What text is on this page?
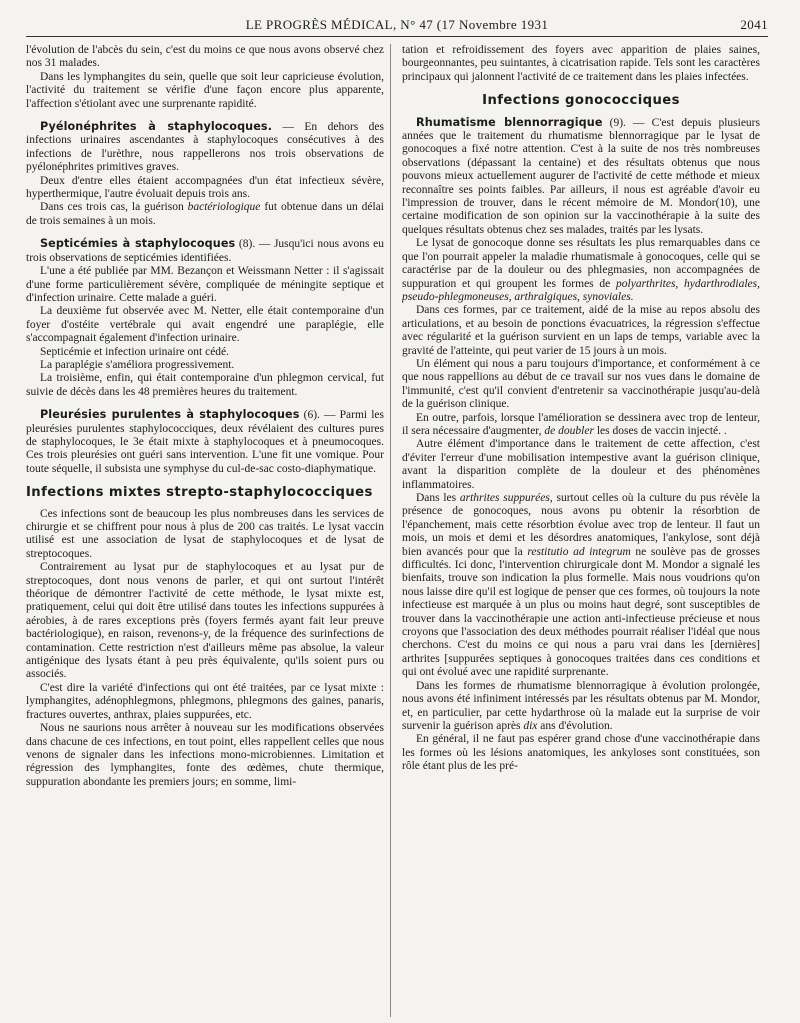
LE PROGRÈS MÉDICAL, N° 47 (17 Novembre 1931	2041

l'évolution de l'abcès du sein, c'est du moins ce que nous avons observé chez nos 31 malades.

Dans les lymphangites du sein, quelle que soit leur capricieuse évolution, l'activité du traitement se vérifie d'une façon encore plus apparente, l'affection s'étiolant avec une surprenante rapidité.

Pyélonéphrites à staphylocoques. — En dehors des infections urinaires ascendantes à staphylocoques consécutives à des infections de l'urèthre, nous rappellerons nos trois observations de pyélonéphrites primitives graves.

Deux d'entre elles étaient accompagnées d'un état infectieux sévère, hyperthermique, l'autre évoluait depuis trois ans.

Dans ces trois cas, la guérison bactériologique fut obtenue dans un délai de trois semaines à un mois.

Septicémies à staphylocoques (8). — Jusqu'ici nous avons eu trois observations de septicémies identifiées.

L'une a été publiée par MM. Bezançon et Weissmann Netter : il s'agissait d'une forme particulièrement sévère, compliquée de méningite septique et d'infection urinaire. Cette malade a guéri.

La deuxième fut observée avec M. Netter, elle était contemporaine d'un foyer d'ostéite vertébrale qui avait engendré une paraplégie, elle s'accompagnait également d'infection urinaire.

Septicémie et infection urinaire ont cédé.

La paraplégie s'améliora progressivement.

La troisième, enfin, qui était contemporaine d'un phlegmon cervical, fut suivie de décès dans les 48 premières heures du traitement.

Pleurésies purulentes à staphylocoques (6). — Parmi les pleurésies purulentes staphylococciques, deux révélaient des cultures pures de staphylocoques, le 3e était mixte à staphylocoques et à pneumocoques. Ces trois pleurésies ont guéri sans intervention. L'une fit une vomique. Pour toute séquelle, il subsista une symphyse du cul-de-sac costo-diaphymatique.

Infections mixtes strepto-staphylococciques

Ces infections sont de beaucoup les plus nombreuses dans les services de chirurgie et se chiffrent pour nous à plus de 200 cas traités. Le lysat vaccin utilisé est une association de lysat de staphylocoques et de lysat de streptocoques.

Contrairement au lysat pur de staphylocoques et au lysat pur de streptocoques, dont nous venons de parler, et qui ont surtout l'intérêt théorique de démontrer l'activité de cette méthode, le lysat mixte est, pratiquement, celui qui doit être utilisé dans toutes les infections suppurées à aérobies, à de rares exceptions près (foyers fermés ayant fait leur preuve bactériologique), en raison, revenons-y, de la fréquence des surinfections de contamination. Cette restriction n'est d'ailleurs même pas absolue, la valeur antigénique des lysats étant à peu près équivalente, qu'ils soient purs ou associés.

C'est dire la variété d'infections qui ont été traitées, par ce lysat mixte : lymphangites, adénophlegmons, phlegmons, phlegmons des gaines, panaris, fractures ouvertes, anthrax, plaies suppurées, etc.

Nous ne saurions nous arrêter à nouveau sur les modifications observées dans chacune de ces infections, en tout point, elles rappellent celles que nous venons de signaler dans les infections mono-microbiennes. Limitation et régression des lymphangites, fonte des œdèmes, chute thermique, suppuration abondante les premiers jours; en somme, limi-

tation et refroidissement des foyers avec apparition de plaies saines, bourgeonnantes, peu suintantes, à cicatrisation rapide. Tels sont les caractères principaux qui jalonnent l'activité de ce traitement dans les plaies infectées.

Infections gonococciques

Rhumatisme blennorragique (9). — C'est depuis plusieurs années que le traitement du rhumatisme blennorragique par le lysat de gonocoques a fixé notre attention. C'est à la suite de nos très nombreuses observations (dépassant la centaine) et des résultats obtenus que nous pouvons mieux actuellement augurer de l'activité de cette méthode et mieux reconnaître ses points faibles. Par ailleurs, il nous est agréable d'avoir eu l'impression de trouver, dans le récent mémoire de M. Mondor(10), une certaine modification de son opinion sur la vaccinothérapie à la suite des quelques résultats obtenus chez ses malades, traités par les lysats.

Le lysat de gonocoque donne ses résultats les plus remarquables dans ce que l'on pourrait appeler la maladie rhumatismale à gonocoques, celle qui se caractérise par de la douleur ou des phlegmasies, non accompagnées de suppuration et qui groupent les formes de polyarthrites, hydarthrodiales, pseudo-phlegmoneuses, arthralgiques, synoviales.

Dans ces formes, par ce traitement, aidé de la mise au repos absolu des articulations, et au besoin de ponctions évacuatrices, la régression s'effectue avec régularité et la guérison survient en un laps de temps, variable avec la gravité de l'atteinte, qui peut varier de 15 jours à un mois.

Un élément qui nous a paru toujours d'importance, et conformément à ce que nous rappellions au début de ce travail sur nos vues dans le domaine de l'immunité, c'est qu'il convient d'entretenir sa vaccinothérapie jusqu'au-delà de la guérison clinique.

En outre, parfois, lorsque l'amélioration se dessinera avec trop de lenteur, il sera nécessaire d'augmenter, de doubler les doses de vaccin injecté. .

Autre élément d'importance dans le traitement de cette affection, c'est d'éviter l'erreur d'une mobilisation intempestive avant la guérison clinique, avant la disparition complète de la douleur et des phénomènes inflammatoires.

Dans les arthrites suppurées, surtout celles où la culture du pus révèle la présence de gonocoques, nous avons pu obtenir la résorbtion de l'épanchement, mais cette résorbtion évolue avec trop de lenteur. Il faut un mois, un mois et demi et les désordres anatomiques, l'ankylose, sont déjà bien avancés pour que la restitutio ad integrum ne soulève pas de grosses difficultés. Ici donc, l'intervention chirurgicale dont M. Mondor a signalé les bienfaits, trouve son indication la plus formelle. Mais nous voudrions qu'on nous laisse dire qu'il est logique de penser que ces formes, où toujours la note infectieuse est marquée à un plus ou moins haut degré, sont susceptibles de trouver dans la vaccinothérapie une action anti-infectieuse précieuse et nous croyons que l'association des deux méthodes pourrait réaliser l'idéal que nous cherchons. C'est du moins ce qui nous a paru vrai dans les [dernières] arthrites [suppurées septiques à gonocoques traitées dans ces conditions et qui ont évolué avec une rapidité surprenante.

Dans les formes de rhumatisme blennorragique à évolution prolongée, nous avons été infiniment intéressés par les résultats obtenus par M. Mondor, et, en particulier, par cette hydarthrose où la malade eut la surprise de voir survenir la guérison après dix ans d'évolution.

En général, il ne faut pas espérer grand chose d'une vaccinothérapie dans les formes où les lésions anatomiques, les ankyloses sont constituées, son rôle étant plus de les pré-
